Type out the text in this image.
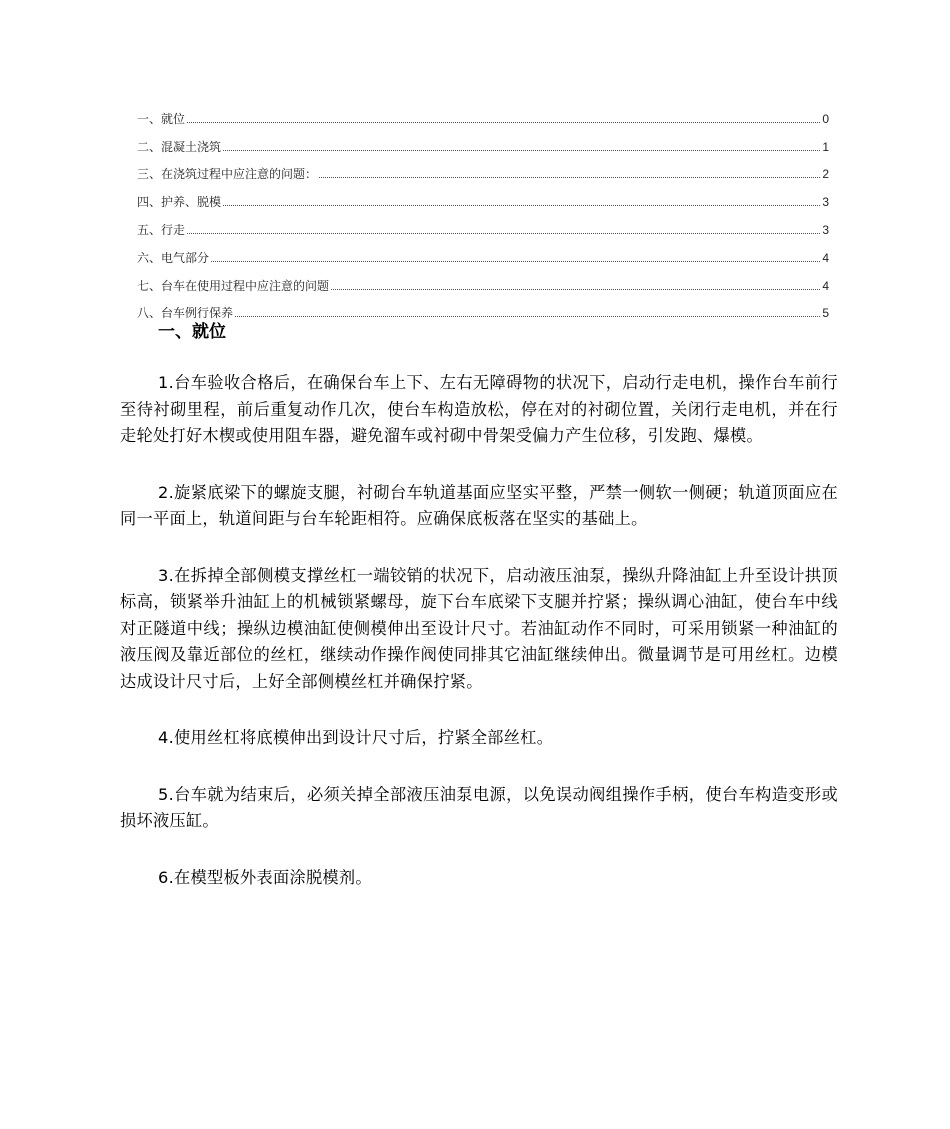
一、就位	0
二、混凝土浇筑	1
三、在浇筑过程中应注意的问题：	2
四、护养、脱模	3
五、行走	3
六、电气部分	4
七、台车在使用过程中应注意的问题	4
八、台车例行保养	5
一、就位

1.台车验收合格后，在确保台车上下、左右无障碍物的状况下，启动行走电机，操作台车前行至待衬砌里程，前后重复动作几次，使台车构造放松，停在对的衬砌位置，关闭行走电机，并在行走轮处打好木楔或使用阻车器，避免溜车或衬砌中骨架受偏力产生位移，引发跑、爆模。

2.旋紧底梁下的螺旋支腿，衬砌台车轨道基面应坚实平整，严禁一侧软一侧硬；轨道顶面应在同一平面上，轨道间距与台车轮距相符。应确保底板落在坚实的基础上。

3.在拆掉全部侧模支撑丝杠一端铰销的状况下，启动液压油泵，操纵升降油缸上升至设计拱顶标高，锁紧举升油缸上的机械锁紧螺母，旋下台车底梁下支腿并拧紧；操纵调心油缸，使台车中线对正隧道中线；操纵边模油缸使侧模伸出至设计尺寸。若油缸动作不同时，可采用锁紧一种油缸的液压阀及靠近部位的丝杠，继续动作操作阀使同排其它油缸继续伸出。微量调节是可用丝杠。边模达成设计尺寸后，上好全部侧模丝杠并确保拧紧。

4.使用丝杠将底模伸出到设计尺寸后，拧紧全部丝杠。

5.台车就为结束后，必须关掉全部液压油泵电源，以免误动阀组操作手柄，使台车构造变形或损坏液压缸。

6.在模型板外表面涂脱模剂。
